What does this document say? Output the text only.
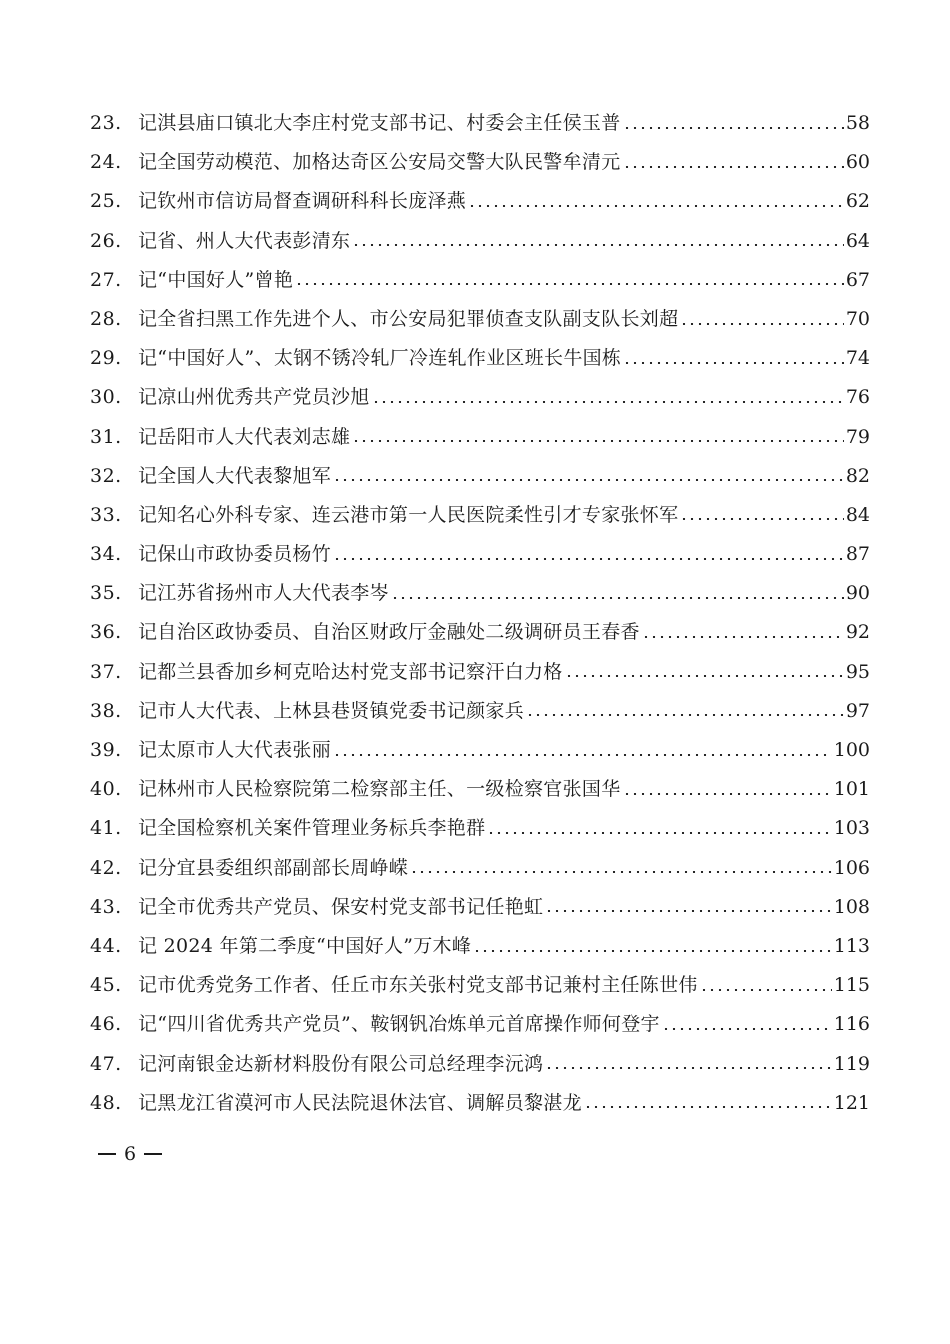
23. 记淇县庙口镇北大李庄村党支部书记、村委会主任侯玉普	58
24. 记全国劳动模范、加格达奇区公安局交警大队民警牟清元	60
25. 记钦州市信访局督查调研科科长庞泽燕	62
26. 记省、州人大代表彭清东	64
27. 记“中国好人”曾艳	67
28. 记全省扫黑工作先进个人、市公安局犯罪侦查支队副支队长刘超	70
29. 记“中国好人”、太钢不锈冷轧厂冷连轧作业区班长牛国栋	74
30. 记凉山州优秀共产党员沙旭	76
31. 记岳阳市人大代表刘志雄	79
32. 记全国人大代表黎旭军	82
33. 记知名心外科专家、连云港市第一人民医院柔性引才专家张怀军	84
34. 记保山市政协委员杨竹	87
35. 记江苏省扬州市人大代表李岑	90
36. 记自治区政协委员、自治区财政厅金融处二级调研员王春香	92
37. 记都兰县香加乡柯克哈达村党支部书记察汗白力格	95
38. 记市人大代表、上林县巷贤镇党委书记颜家兵	97
39. 记太原市人大代表张丽	100
40. 记林州市人民检察院第二检察部主任、一级检察官张国华	101
41. 记全国检察机关案件管理业务标兵李艳群	103
42. 记分宜县委组织部副部长周峥嵘	106
43. 记全市优秀共产党员、保安村党支部书记任艳虹	108
44. 记 2024 年第二季度“中国好人”万木峰	113
45. 记市优秀党务工作者、任丘市东关张村党支部书记兼村主任陈世伟	115
46. 记“四川省优秀共产党员”、鞍钢钒冶炼单元首席操作师何登宇	116
47. 记河南银金达新材料股份有限公司总经理李沅鸿	119
48. 记黑龙江省漠河市人民法院退休法官、调解员黎湛龙	121
6
